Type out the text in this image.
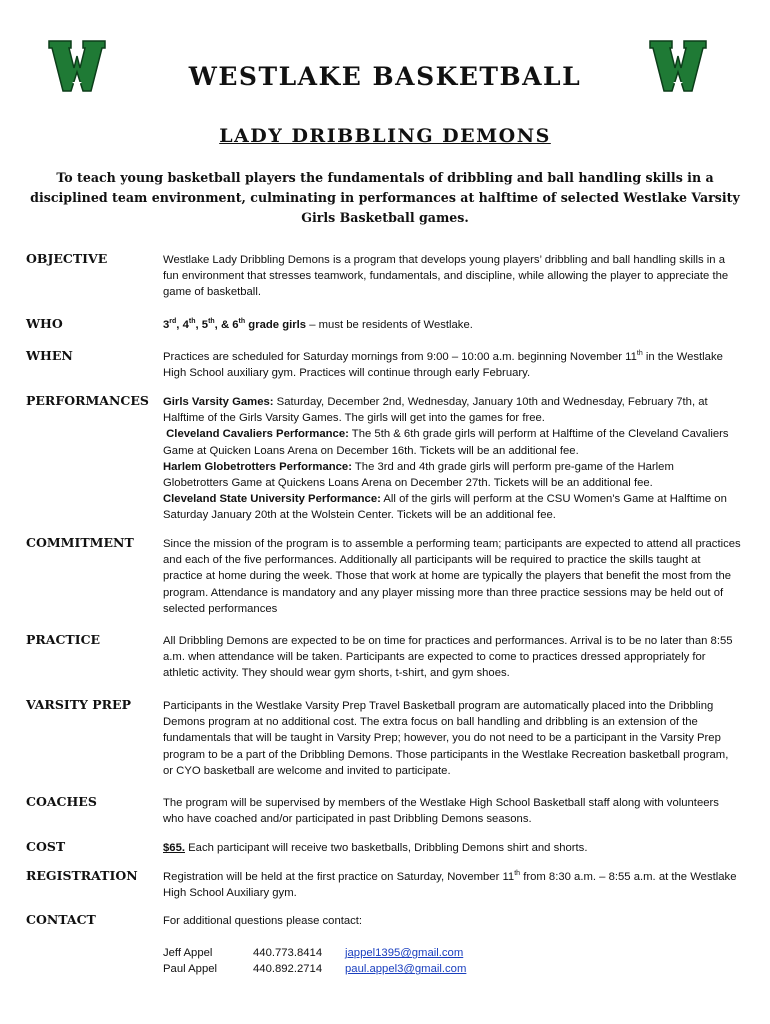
WESTLAKE BASKETBALL
LADY DRIBBLING DEMONS
To teach young basketball players the fundamentals of dribbling and ball handling skills in a disciplined team environment, culminating in performances at halftime of selected Westlake Varsity Girls Basketball games.
OBJECTIVE	Westlake Lady Dribbling Demons is a program that develops young players’ dribbling and ball handling skills in a fun environment that stresses teamwork, fundamentals, and discipline, while allowing the player to appreciate the game of basketball.
WHO	3rd, 4th, 5th, & 6th grade girls – must be residents of Westlake.
WHEN	Practices are scheduled for Saturday mornings from 9:00 – 10:00 a.m. beginning November 11th in the Westlake High School auxiliary gym. Practices will continue through early February.
PERFORMANCES Girls Varsity Games: Saturday, December 2nd, Wednesday, January 10th and Wednesday, February 7th, at Halftime of the Girls Varsity Games. The girls will get into the games for free.

Cleveland Cavaliers Performance: The 5th & 6th grade girls will perform at Halftime of the Cleveland Cavaliers Game at Quicken Loans Arena on December 16th. Tickets will be an additional fee.

Harlem Globetrotters Performance: The 3rd and 4th grade girls will perform pre-game of the Harlem Globetrotters Game at Quickens Loans Arena on December 27th. Tickets will be an additional fee.

Cleveland State University Performance: All of the girls will perform at the CSU Women's Game at Halftime on Saturday January 20th at the Wolstein Center. Tickets will be an additional fee.

COMMITMENT	Since the mission of the program is to assemble a performing team; participants are expected to attend all practices and each of the five performances. Additionally all participants will be required to practice the skills taught at practice at home during the week. Those that work at home are typically the players that benefit the most from the program. Attendance is mandatory and any player missing more than three practice sessions may be held out of selected performances
PRACTICE	All Dribbling Demons are expected to be on time for practices and performances. Arrival is to be no later than 8:55 a.m. when attendance will be taken. Participants are expected to come to practices dressed appropriately for athletic activity. They should wear gym shorts, t-shirt, and gym shoes.
VARSITY PREP	Participants in the Westlake Varsity Prep Travel Basketball program are automatically placed into the Dribbling Demons program at no additional cost. The extra focus on ball handling and dribbling is an extension of the fundamentals that will be taught in Varsity Prep; however, you do not need to be a participant in the Varsity Prep program to be a part of the Dribbling Demons. Those participants in the Westlake Recreation basketball program, or CYO basketball are welcome and invited to participate.
COACHES	The program will be supervised by members of the Westlake High School Basketball staff along with volunteers who have coached and/or participated in past Dribbling Demons seasons.
COST	$65. Each participant will receive two basketballs, Dribbling Demons shirt and shorts.
REGISTRATION Registration will be held at the first practice on Saturday, November 11th from 8:30 a.m. – 8:55 a.m. at the Westlake High School Auxiliary gym.
CONTACT	For additional questions please contact:

Jeff Appel	440.773.8414 jappel1395@gmail.com

Paul Appel	440.892.2714 paul.appel3@gmail.com
